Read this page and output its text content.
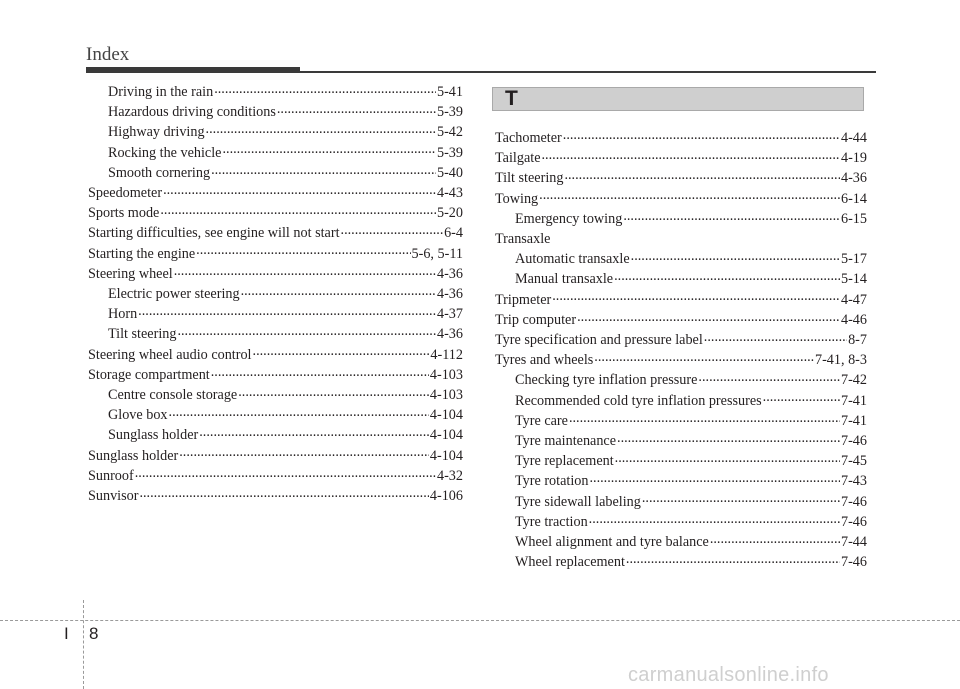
Index
Driving in the rain .....	5-41
Hazardous driving conditions .....	5-39
Highway driving .....	5-42
Rocking the vehicle .....	5-39
Smooth cornering .....	5-40
Speedometer .....	4-43
Sports mode .....	5-20
Starting difficulties, see engine will not start .....	6-4
Starting the engine .....	5-6, 5-11
Steering wheel .....	4-36
Electric power steering .....	4-36
Horn .....	4-37
Tilt steering .....	4-36
Steering wheel audio control .....	4-112
Storage compartment .....	4-103
Centre console storage .....	4-103
Glove box .....	4-104
Sunglass holder .....	4-104
Sunglass holder .....	4-104
Sunroof .....	4-32
Sunvisor .....	4-106
T
Tachometer .....	4-44
Tailgate .....	4-19
Tilt steering .....	4-36
Towing .....	6-14
Emergency towing .....	6-15
Transaxle
Automatic transaxle .....	5-17
Manual transaxle .....	5-14
Tripmeter .....	4-47
Trip computer .....	4-46
Tyre specification and pressure label .....	8-7
Tyres and wheels .....	7-41, 8-3
Checking tyre inflation pressure .....	7-42
Recommended cold tyre inflation pressures .....	7-41
Tyre care .....	7-41
Tyre maintenance .....	7-46
Tyre replacement .....	7-45
Tyre rotation .....	7-43
Tyre sidewall labeling .....	7-46
Tyre traction .....	7-46
Wheel alignment and tyre balance .....	7-44
Wheel replacement .....	7-46
I 8
carmanualsonline.info
